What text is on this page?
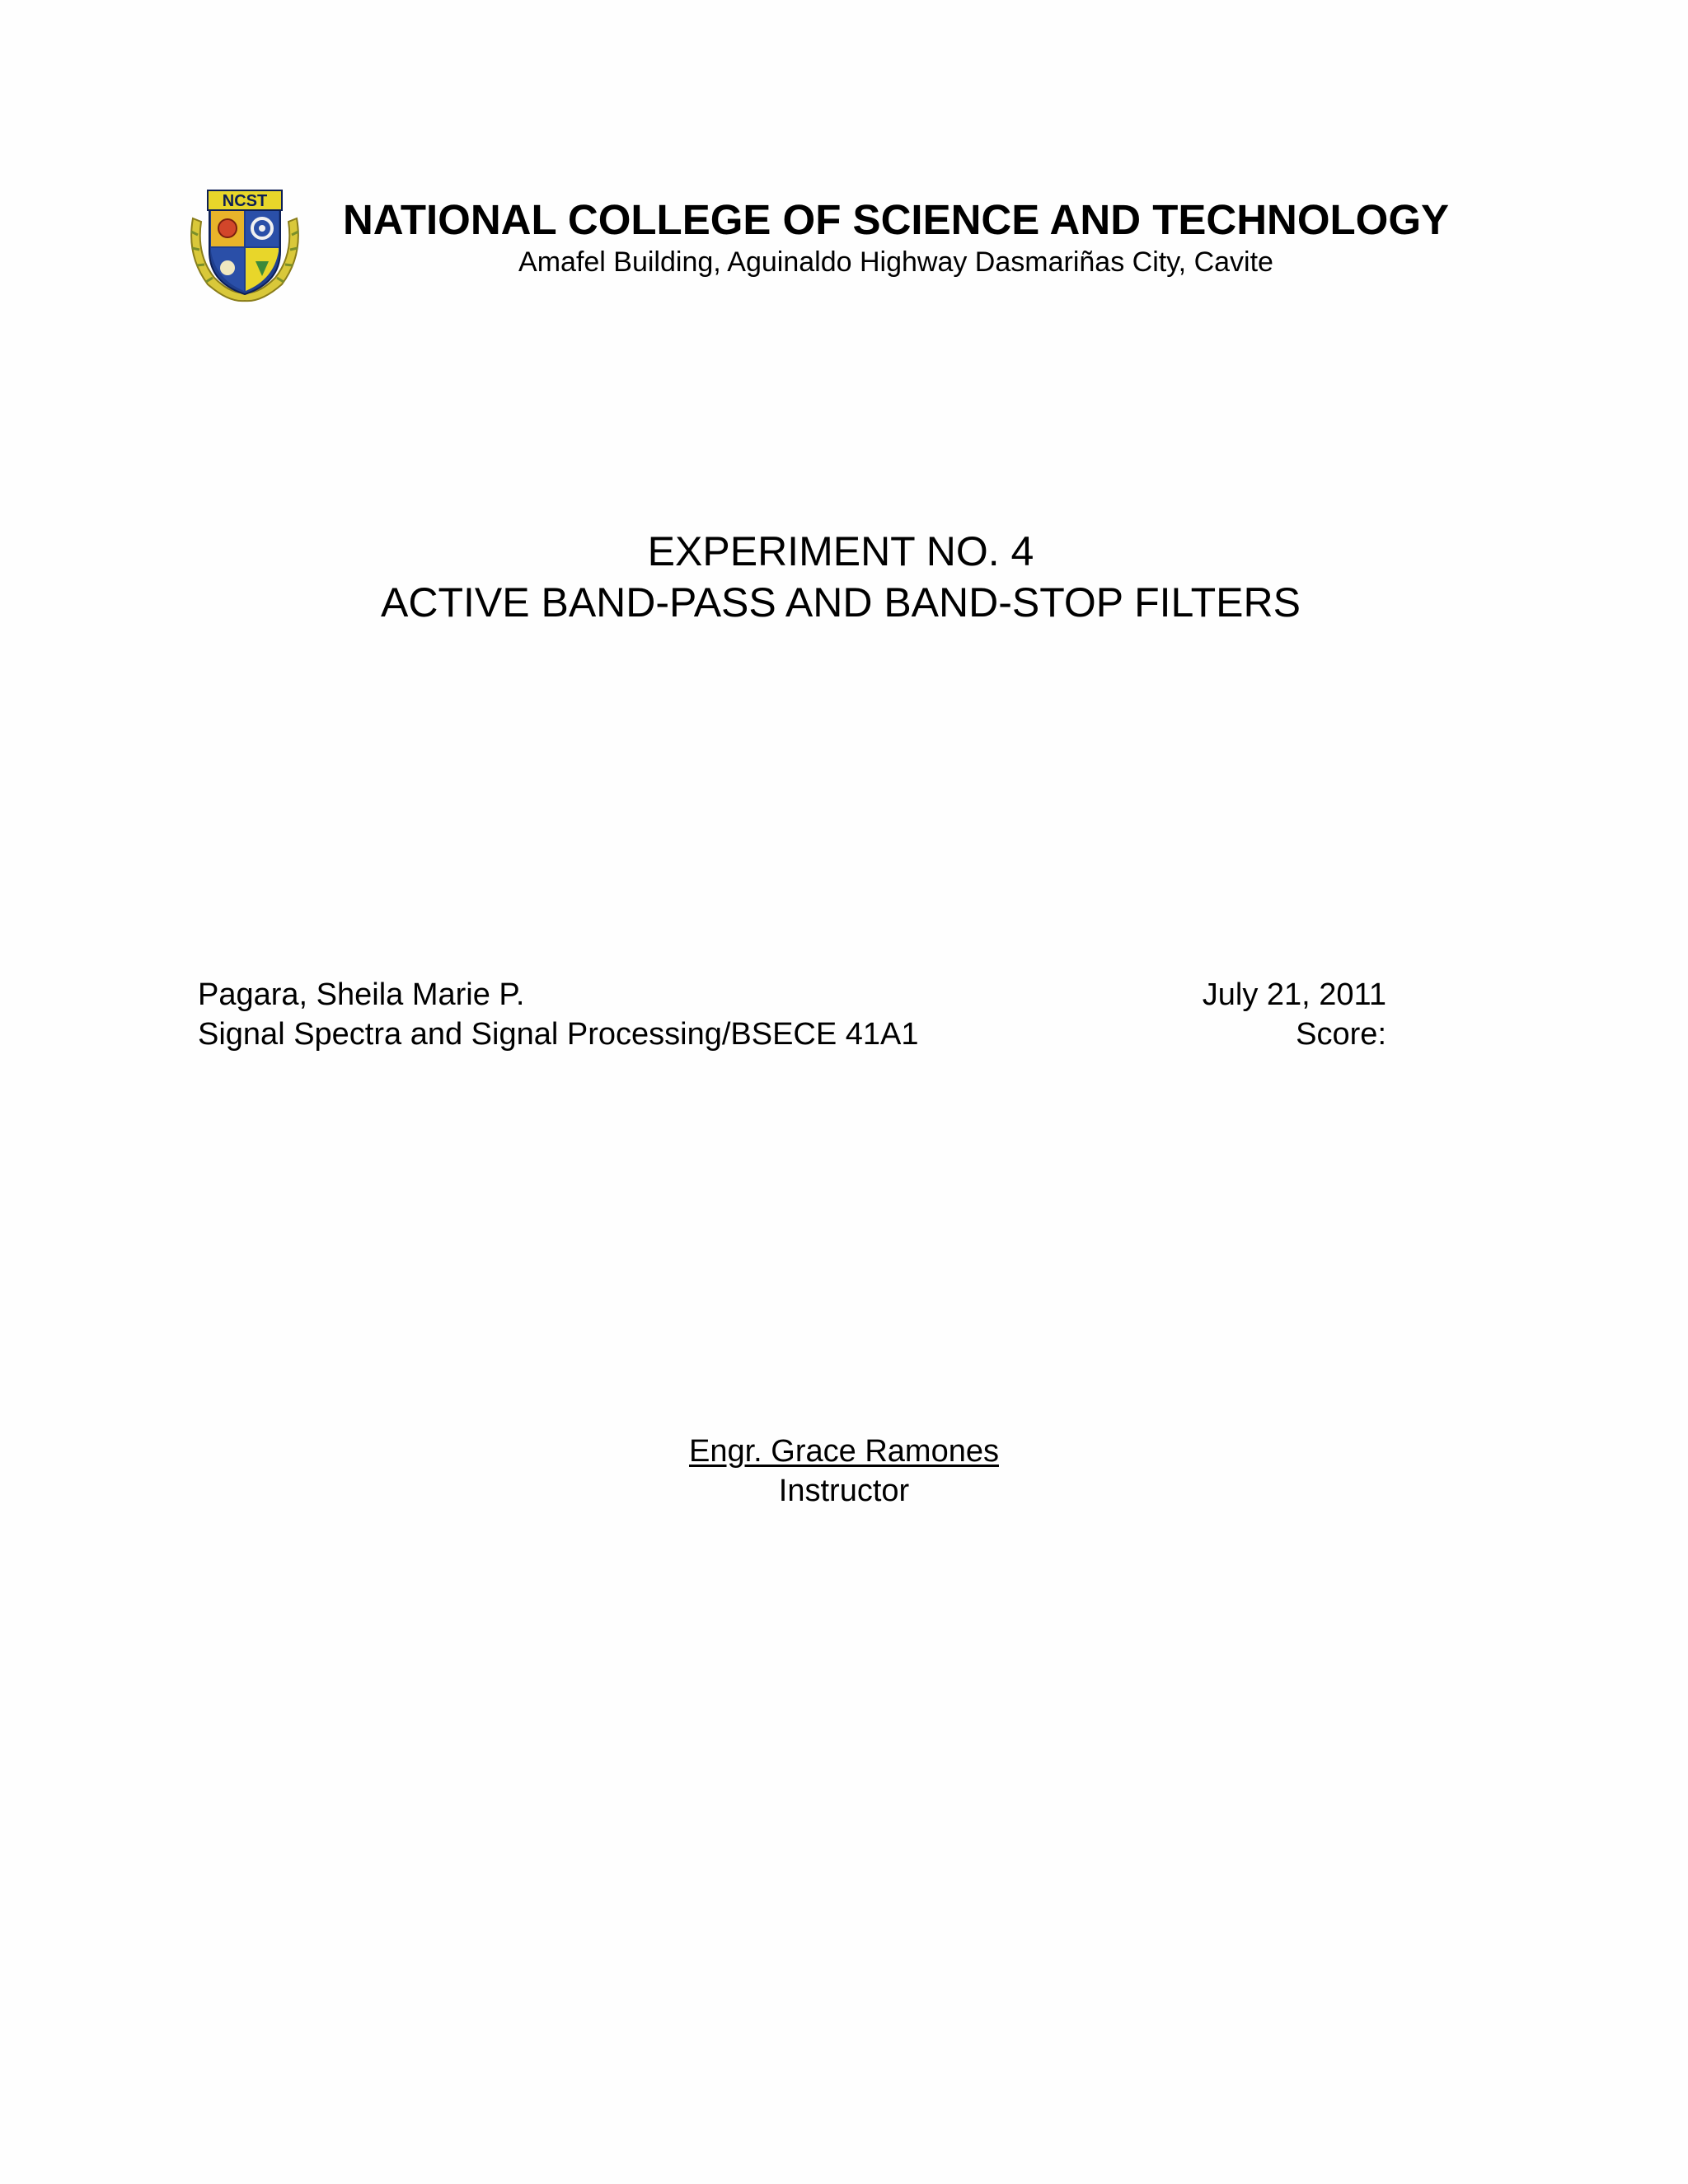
NCST	NATIONAL COLLEGE OF SCIENCE AND TECHNOLOGY
Amafel Building, Aguinaldo Highway Dasmariñas City, Cavite
EXPERIMENT NO. 4
ACTIVE BAND-PASS AND BAND-STOP FILTERS
Pagara, Sheila Marie P.
Signal Spectra and Signal Processing/BSECE 41A1
July 21, 2011
Score:
Engr. Grace Ramones
Instructor
